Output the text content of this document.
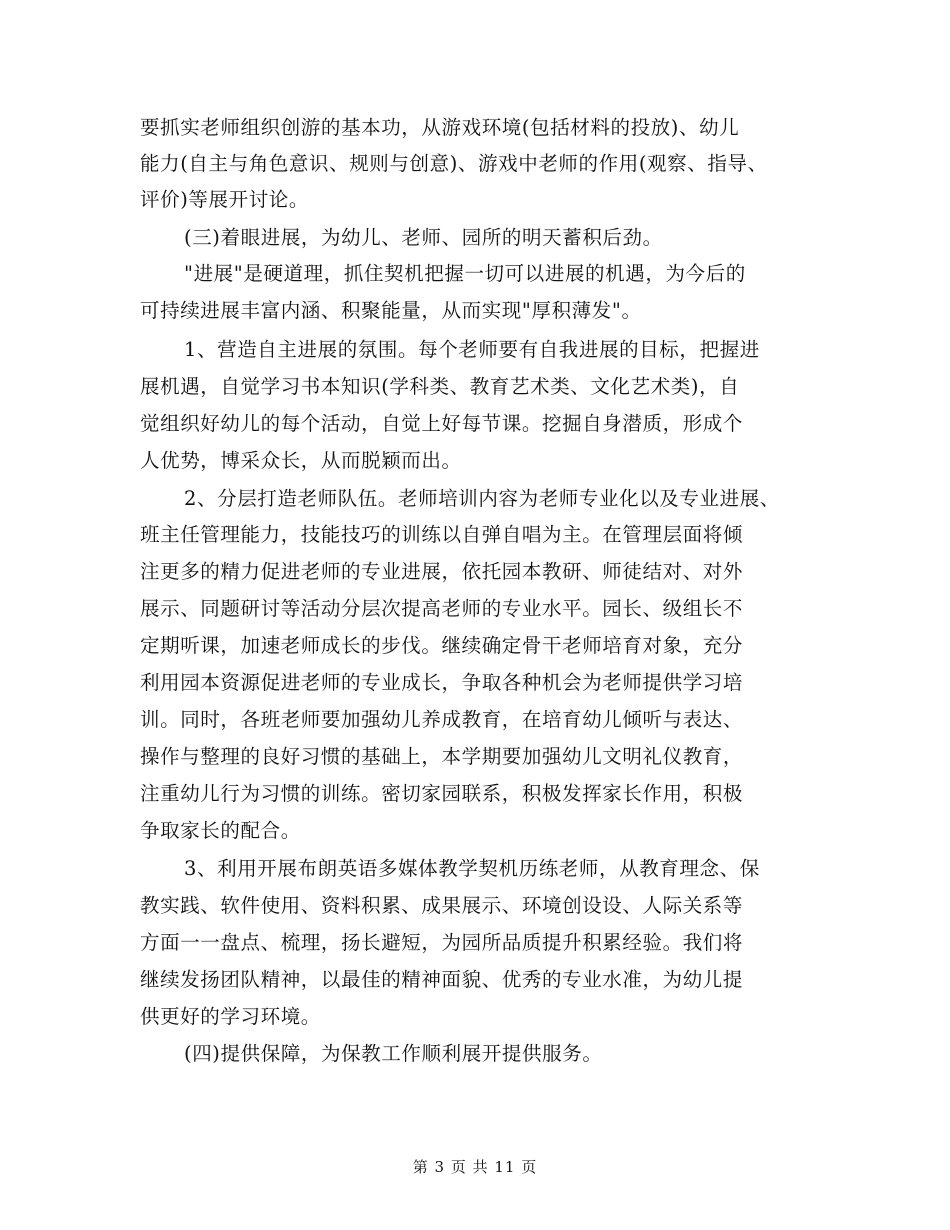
要抓实老师组织创游的基本功，从游戏环境(包括材料的投放)、幼儿
能力(自主与角色意识、规则与创意)、游戏中老师的作用(观察、指导、
评价)等展开讨论。
(三)着眼进展，为幼儿、老师、园所的明天蓄积后劲。
"进展"是硬道理，抓住契机把握一切可以进展的机遇，为今后的
可持续进展丰富内涵、积聚能量，从而实现"厚积薄发"。
1、营造自主进展的氛围。每个老师要有自我进展的目标，把握进
展机遇，自觉学习书本知识(学科类、教育艺术类、文化艺术类)，自
觉组织好幼儿的每个活动，自觉上好每节课。挖掘自身潜质，形成个
人优势，博采众长，从而脱颖而出。
2、分层打造老师队伍。老师培训内容为老师专业化以及专业进展、
班主任管理能力，技能技巧的训练以自弹自唱为主。在管理层面将倾
注更多的精力促进老师的专业进展，依托园本教研、师徒结对、对外
展示、同题研讨等活动分层次提高老师的专业水平。园长、级组长不
定期听课，加速老师成长的步伐。继续确定骨干老师培育对象，充分
利用园本资源促进老师的专业成长，争取各种机会为老师提供学习培
训。同时，各班老师要加强幼儿养成教育，在培育幼儿倾听与表达、
操作与整理的良好习惯的基础上，本学期要加强幼儿文明礼仪教育，
注重幼儿行为习惯的训练。密切家园联系，积极发挥家长作用，积极
争取家长的配合。
3、利用开展布朗英语多媒体教学契机历练老师，从教育理念、保
教实践、软件使用、资料积累、成果展示、环境创设设、人际关系等
方面一一盘点、梳理，扬长避短，为园所品质提升积累经验。我们将
继续发扬团队精神，以最佳的精神面貌、优秀的专业水准，为幼儿提
供更好的学习环境。
(四)提供保障，为保教工作顺利展开提供服务。
第 3 页 共 11 页
